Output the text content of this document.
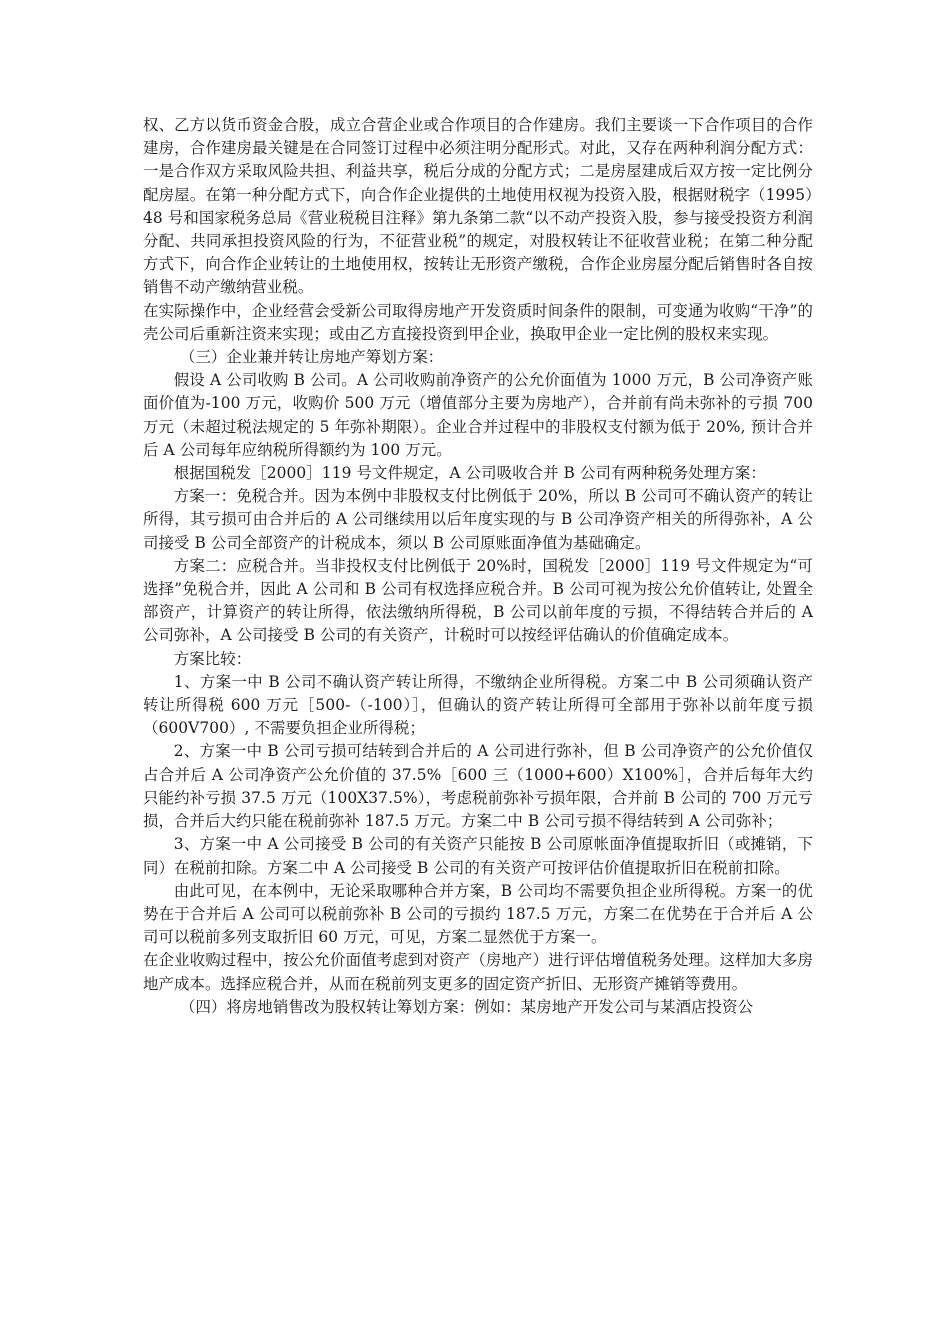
权、乙方以货币资金合股，成立合营企业或合作项目的合作建房。我们主要谈一下合作项目的合作建房，合作建房最关键是在合同签订过程中必须注明分配形式。对此，又存在两种利润分配方式：一是合作双方采取风险共担、利益共享，税后分成的分配方式；二是房屋建成后双方按一定比例分配房屋。在第一种分配方式下，向合作企业提供的土地使用权视为投资入股，根据财税字（1995）48 号和国家税务总局《营业税税目注释》第九条第二款“以不动产投资入股，参与接受投资方利润分配、共同承担投资风险的行为，不征营业税”的规定，对股权转让不征收营业税；在第二种分配方式下，向合作企业转让的土地使用权，按转让无形资产缴税，合作企业房屋分配后销售时各自按销售不动产缴纳营业税。

在实际操作中，企业经营会受新公司取得房地产开发资质时间条件的限制，可变通为收购“干净”的壳公司后重新注资来实现；或由乙方直接投资到甲企业，换取甲企业一定比例的股权来实现。

（三）企业兼并转让房地产筹划方案：

假设 A 公司收购 B 公司。A 公司收购前净资产的公允价面值为 1000 万元，B 公司净资产账面价值为-100 万元，收购价 500 万元（增值部分主要为房地产），合并前有尚未弥补的亏损 700 万元（未超过税法规定的 5 年弥补期限）。企业合并过程中的非股权支付额为低于 20%, 预计合并后 A 公司每年应纳税所得额约为 100 万元。

根据国税发［2000］119 号文件规定，A 公司吸收合并 B 公司有两种税务处理方案：

方案一：免税合并。因为本例中非股权支付比例低于 20%，所以 B 公司可不确认资产的转让所得，其亏损可由合并后的 A 公司继续用以后年度实现的与 B 公司净资产相关的所得弥补，A 公司接受 B 公司全部资产的计税成本，须以 B 公司原账面净值为基础确定。

方案二：应税合并。当非投权支付比例低于 20%时，国税发［2000］119 号文件规定为“可选择”免税合并，因此 A 公司和 B 公司有权选择应税合并。B 公司可视为按公允价值转让, 处置全部资产，计算资产的转让所得，依法缴纳所得税，B 公司以前年度的亏损，不得结转合并后的 A 公司弥补，A 公司接受 B 公司的有关资产，计税时可以按经评估确认的价值确定成本。

方案比较：

1、方案一中 B 公司不确认资产转让所得，不缴纳企业所得税。方案二中 B 公司须确认资产转让所得税 600 万元［500-（-100）］，但确认的资产转让所得可全部用于弥补以前年度亏损（600V700）, 不需要负担企业所得税；

2、方案一中 B 公司亏损可结转到合并后的 A 公司进行弥补，但 B 公司净资产的公允价值仅占合并后 A 公司净资产公允价值的 37.5%［600 三（1000+600）X100%］，合并后每年大约只能约补亏损 37.5 万元（100X37.5%），考虑税前弥补亏损年限，合并前 B 公司的 700 万元亏损，合并后大约只能在税前弥补 187.5 万元。方案二中 B 公司亏损不得结转到 A 公司弥补；

3、方案一中 A 公司接受 B 公司的有关资产只能按 B 公司原帐面净值提取折旧（或摊销，下同）在税前扣除。方案二中 A 公司接受 B 公司的有关资产可按评估价值提取折旧在税前扣除。

由此可见，在本例中，无论采取哪种合并方案，B 公司均不需要负担企业所得税。方案一的优势在于合并后 A 公司可以税前弥补 B 公司的亏损约 187.5 万元，方案二在优势在于合并后 A 公司可以税前多列支取折旧 60 万元，可见，方案二显然优于方案一。

在企业收购过程中，按公允价面值考虑到对资产（房地产）进行评估增值税务处理。这样加大多房地产成本。选择应税合并，从而在税前列支更多的固定资产折旧、无形资产摊销等费用。

（四）将房地销售改为股权转让筹划方案：例如：某房地产开发公司与某酒店投资公
